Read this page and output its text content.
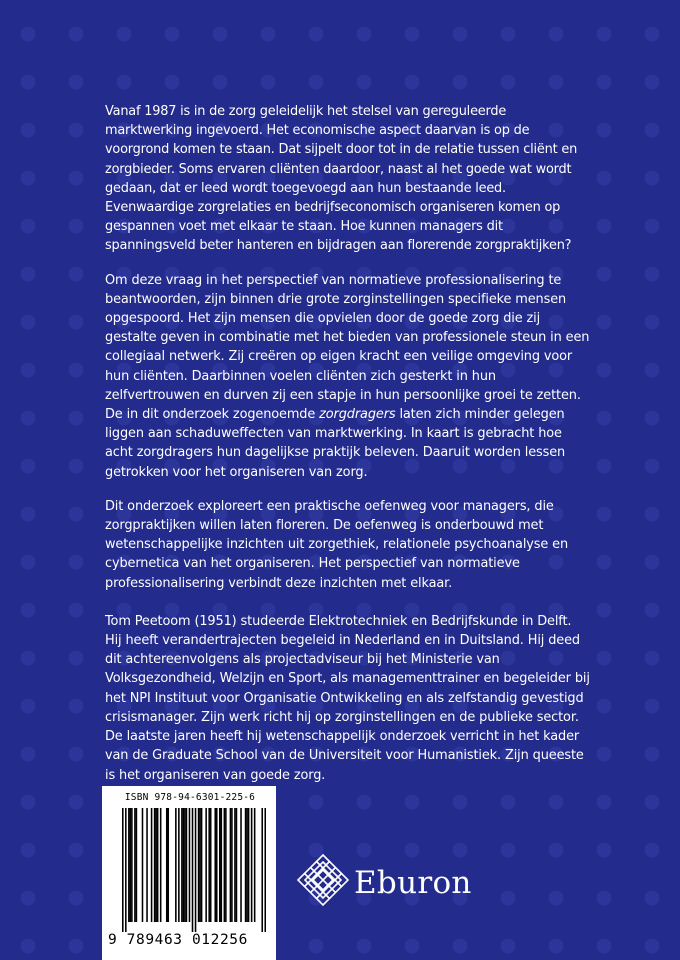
Vanaf 1987 is in de zorg geleidelijk het stelsel van gereguleerde marktwerking ingevoerd. Het economische aspect daarvan is op de voorgrond komen te staan. Dat sijpelt door tot in de relatie tussen cliënt en zorgbieder. Soms ervaren cliënten daardoor, naast al het goede wat wordt gedaan, dat er leed wordt toegevoegd aan hun bestaande leed. Evenwaardige zorgrelaties en bedrijfseconomisch organiseren komen op gespannen voet met elkaar te staan. Hoe kunnen managers dit spanningsveld beter hanteren en bijdragen aan florerende zorgpraktijken?

Om deze vraag in het perspectief van normatieve professionalisering te beantwoorden, zijn binnen drie grote zorginstellingen specifieke mensen opgespoord. Het zijn mensen die opvielen door de goede zorg die zij gestalte geven in combinatie met het bieden van professionele steun in een collegiaal netwerk. Zij creëren op eigen kracht een veilige omgeving voor hun cliënten. Daarbinnen voelen cliënten zich gesterkt in hun zelfvertrouwen en durven zij een stapje in hun persoonlijke groei te zetten. De in dit onderzoek zogenoemde zorgdragers laten zich minder gelegen liggen aan schaduweffecten van marktwerking. In kaart is gebracht hoe acht zorgdragers hun dagelijkse praktijk beleven. Daaruit worden lessen getrokken voor het organiseren van zorg.

Dit onderzoek exploreert een praktische oefenweg voor managers, die zorgpraktijken willen laten floreren. De oefenweg is onderbouwd met wetenschappelijke inzichten uit zorgethiek, relationele psychoanalyse en cybernetica van het organiseren. Het perspectief van normatieve professionalisering verbindt deze inzichten met elkaar.

Tom Peetoom (1951) studeerde Elektrotechniek en Bedrijfskunde in Delft. Hij heeft verandertrajecten begeleid in Nederland en in Duitsland. Hij deed dit achtereenvolgens als projectadviseur bij het Ministerie van Volksgezondheid, Welzijn en Sport, als managementtrainer en begeleider bij het NPI Instituut voor Organisatie Ontwikkeling en als zelfstandig gevestigd crisismanager. Zijn werk richt hij op zorginstellingen en de publieke sector. De laatste jaren heeft hij wetenschappelijk onderzoek verricht in het kader van de Graduate School van de Universiteit voor Humanistiek. Zijn queeste is het organiseren van goede zorg.

ISBN 978-94-6301-225-6
9 789463 012256
Eburon
